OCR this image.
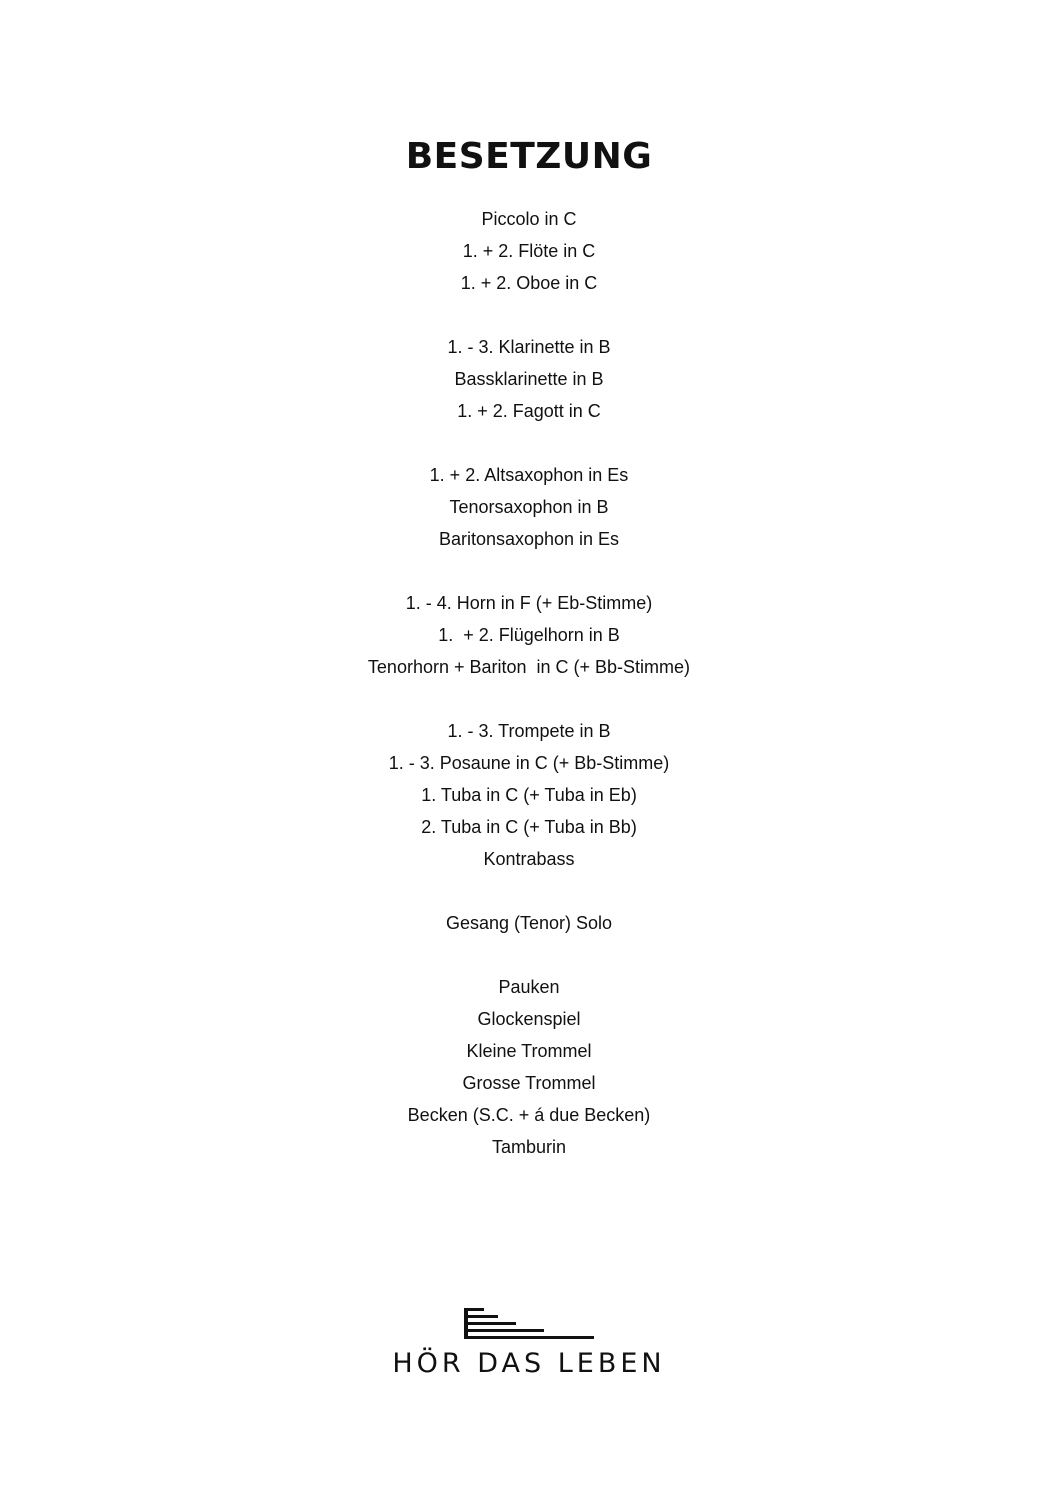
BESETZUNG
Piccolo in C
1. + 2. Flöte in C
1. + 2. Oboe in C
1. - 3. Klarinette in B
Bassklarinette in B
1. + 2. Fagott in C
1. + 2. Altsaxophon in Es
Tenorsaxophon in B
Baritonsaxophon in Es
1. - 4. Horn in F (+ Eb-Stimme)
1.  + 2. Flügelhorn in B
Tenorhorn + Bariton  in C (+ Bb-Stimme)
1. - 3. Trompete in B
1. - 3. Posaune in C (+ Bb-Stimme)
1. Tuba in C (+ Tuba in Eb)
2. Tuba in C (+ Tuba in Bb)
Kontrabass
Gesang (Tenor) Solo
Pauken
Glockenspiel
Kleine Trommel
Grosse Trommel
Becken (S.C. + á due Becken)
Tamburin
HÖR DAS LEBEN
